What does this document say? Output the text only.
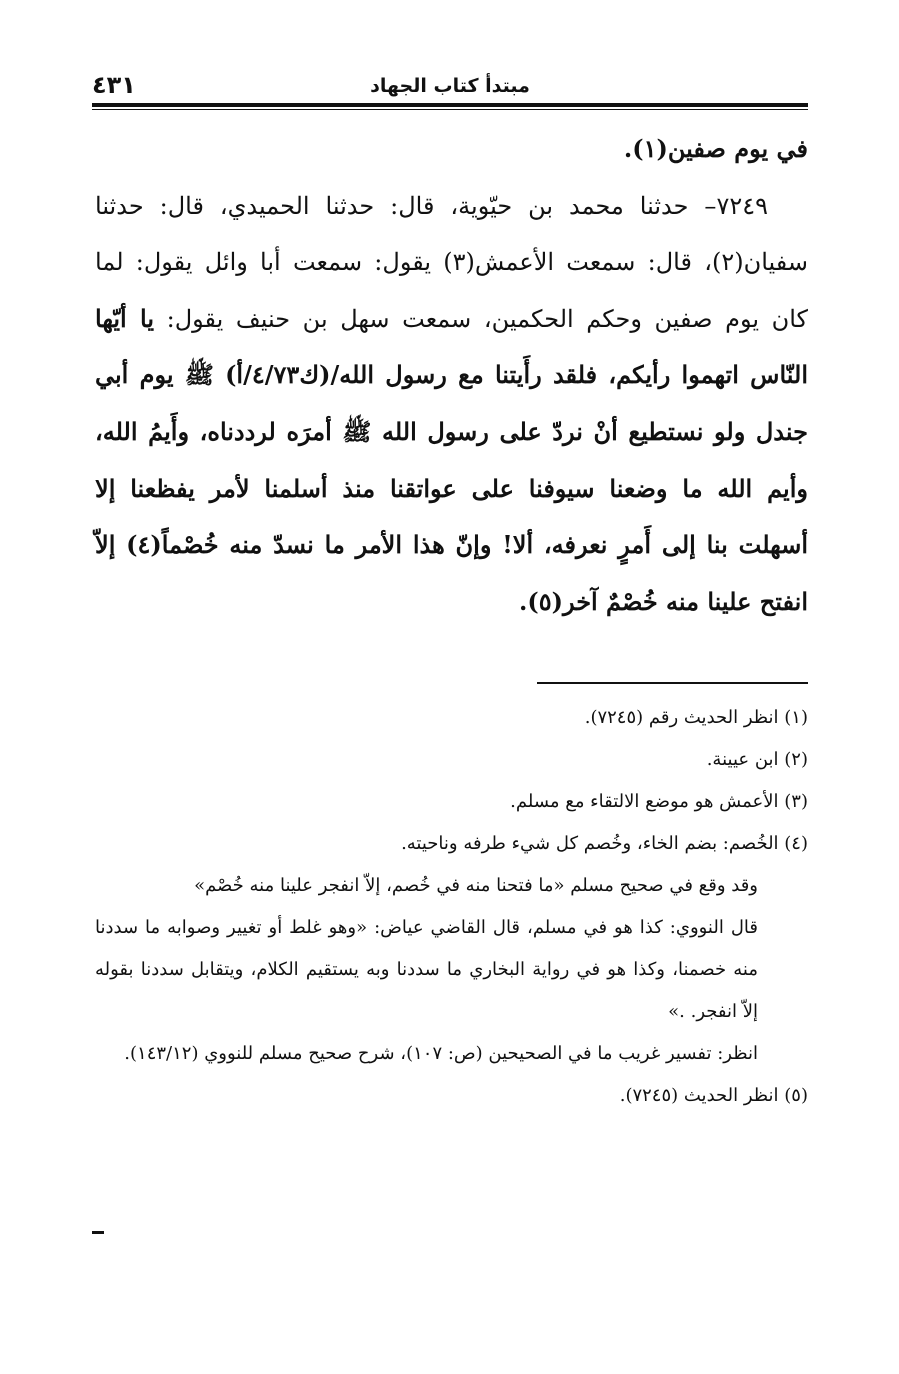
٤٣١	مبتدأ كتاب الجهاد

في يوم صفين(١).

٧٢٤٩– حدثنا محمد بن حيّوية، قال: حدثنا الحميدي، قال: حدثنا سفيان(٢)، قال: سمعت الأعمش(٣) يقول: سمعت أبا وائل يقول: لما كان يوم صفين وحكم الحكمين، سمعت سهل بن حنيف يقول: يا أيّها النّاس اتهموا رأيكم، فلقد رأَيتنا مع رسول الله/(ك٤/٧٣/أ) ﷺ يوم أبي جندل ولو نستطيع أنْ نردّ على رسول الله ﷺ أمرَه لرددناه، وأَيمُ الله، وأيم الله ما وضعنا سيوفنا على عواتقنا منذ أسلمنا لأمر يفظعنا إلا أسهلت بنا إلى أَمرٍ نعرفه، ألا! وإنّ هذا الأمر ما نسدّ منه خُصْماً(٤) إلاّ انفتح علينا منه خُصْمٌ آخر(٥).

(١) انظر الحديث رقم (٧٢٤٥).

(٢) ابن عيينة.

(٣) الأعمش هو موضع الالتقاء مع مسلم.

(٤) الخُصم: بضم الخاء، وخُصم كل شيء طرفه وناحيته.

وقد وقع في صحيح مسلم «ما فتحنا منه في خُصم، إلاّ انفجر علينا منه خُصْم»

قال النووي: كذا هو في مسلم، قال القاضي عياض: «وهو غلط أو تغيير وصوابه ما سددنا منه خصمنا، وكذا هو في رواية البخاري ما سددنا وبه يستقيم الكلام، ويتقابل سددنا بقوله إلاّ انفجر. .»

انظر: تفسير غريب ما في الصحيحين (ص: ١٠٧)، شرح صحيح مسلم للنووي (١٤٣/١٢).

(٥) انظر الحديث (٧٢٤٥).
